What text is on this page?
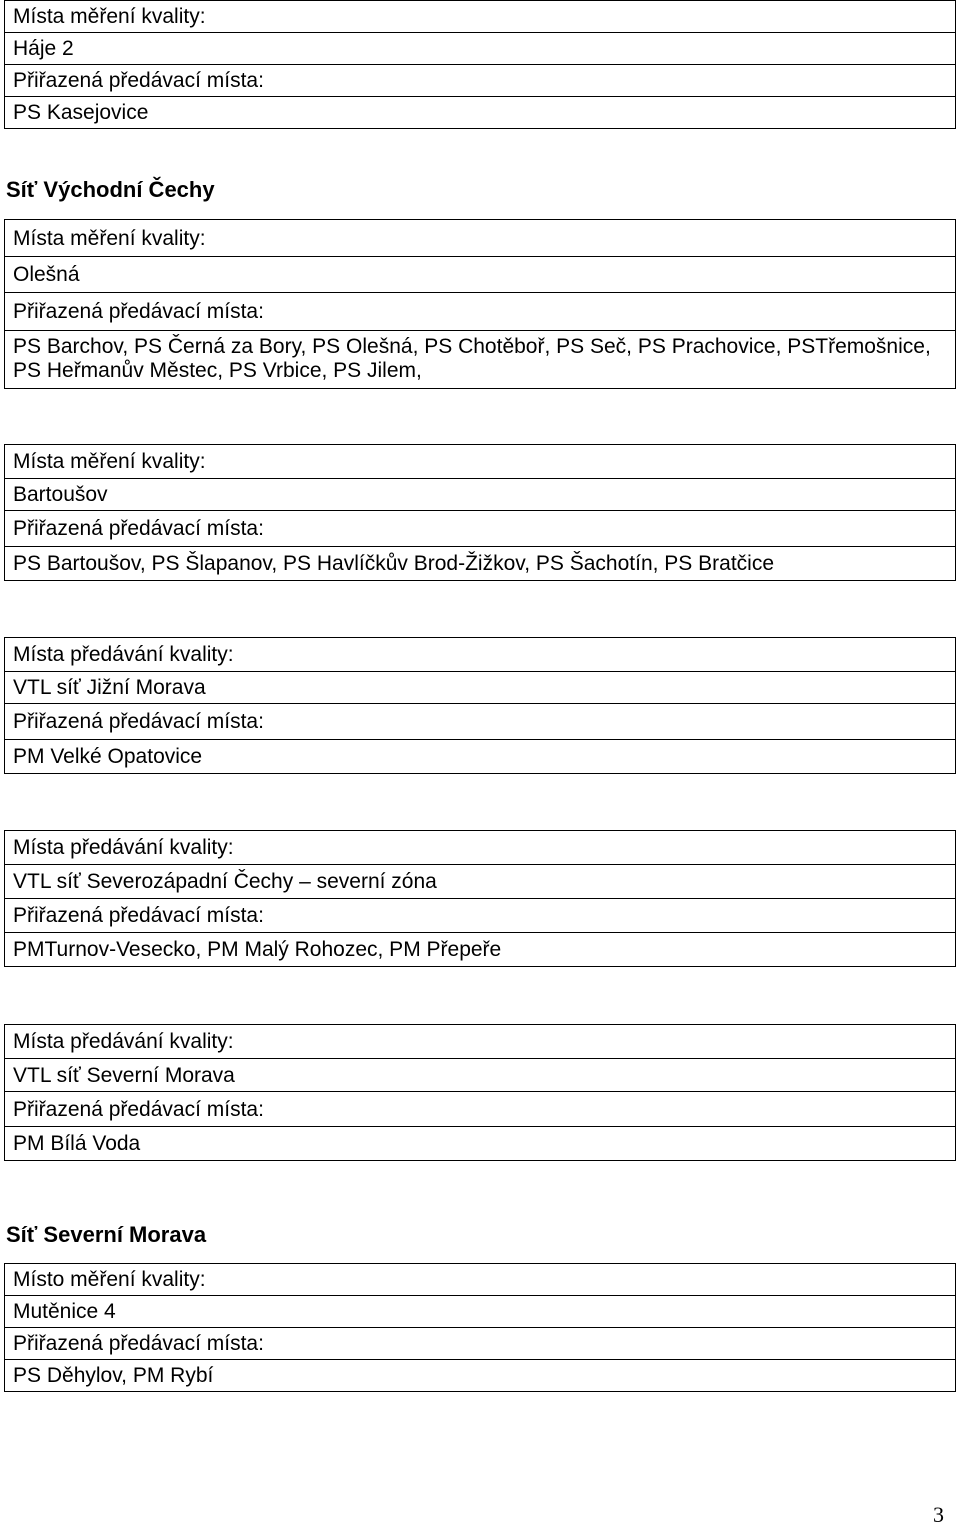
Místa měření kvality:
Háje 2
Přiřazená předávací místa:
PS Kasejovice
Síť Východní Čechy
Místa měření kvality:
Olešná
Přiřazená předávací místa:
PS Barchov, PS Černá za Bory, PS Olešná, PS Chotěboř, PS Seč, PS Prachovice, PSTřemošnice, PS Heřmanův Městec, PS Vrbice, PS Jilem,
Místa měření kvality:
Bartoušov
Přiřazená předávací místa:
PS Bartoušov, PS Šlapanov, PS Havlíčkův Brod-Žižkov, PS Šachotín, PS Bratčice
Místa předávání kvality:
VTL síť Jižní Morava
Přiřazená předávací místa:
PM Velké Opatovice
Místa předávání kvality:
VTL síť Severozápadní Čechy – severní zóna
Přiřazená předávací místa:
PMTurnov-Vesecko, PM Malý Rohozec, PM Přepeře
Místa předávání kvality:
VTL síť Severní Morava
Přiřazená předávací místa:
PM Bílá Voda
Síť Severní Morava
Místo měření kvality:
Mutěnice 4
Přiřazená předávací místa:
PS Děhylov, PM Rybí
3
